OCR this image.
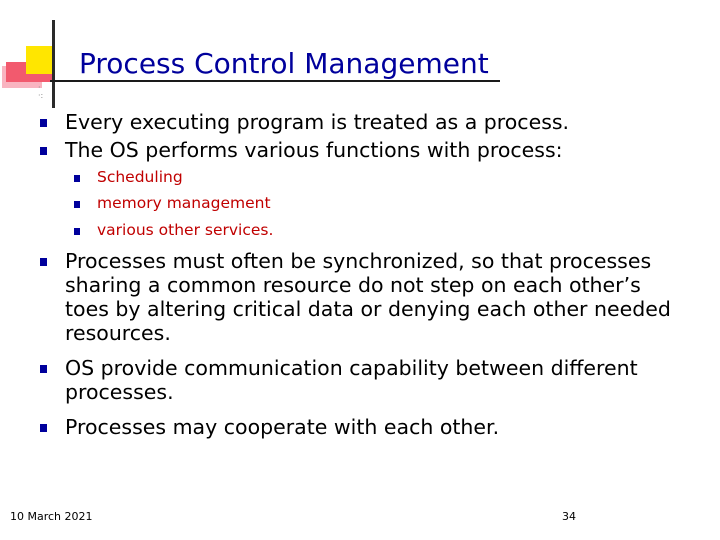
·
·:
Process Control Management
Every executing program is treated as a process.
The OS performs various functions with process:
Scheduling
memory management
various other services.
Processes must often be synchronized, so that processes
sharing a common resource do not step on each other’s
toes by altering critical data or denying each other needed
resources.
OS provide communication capability between different
processes.
Processes may cooperate with each other.
10 March 2021	34
